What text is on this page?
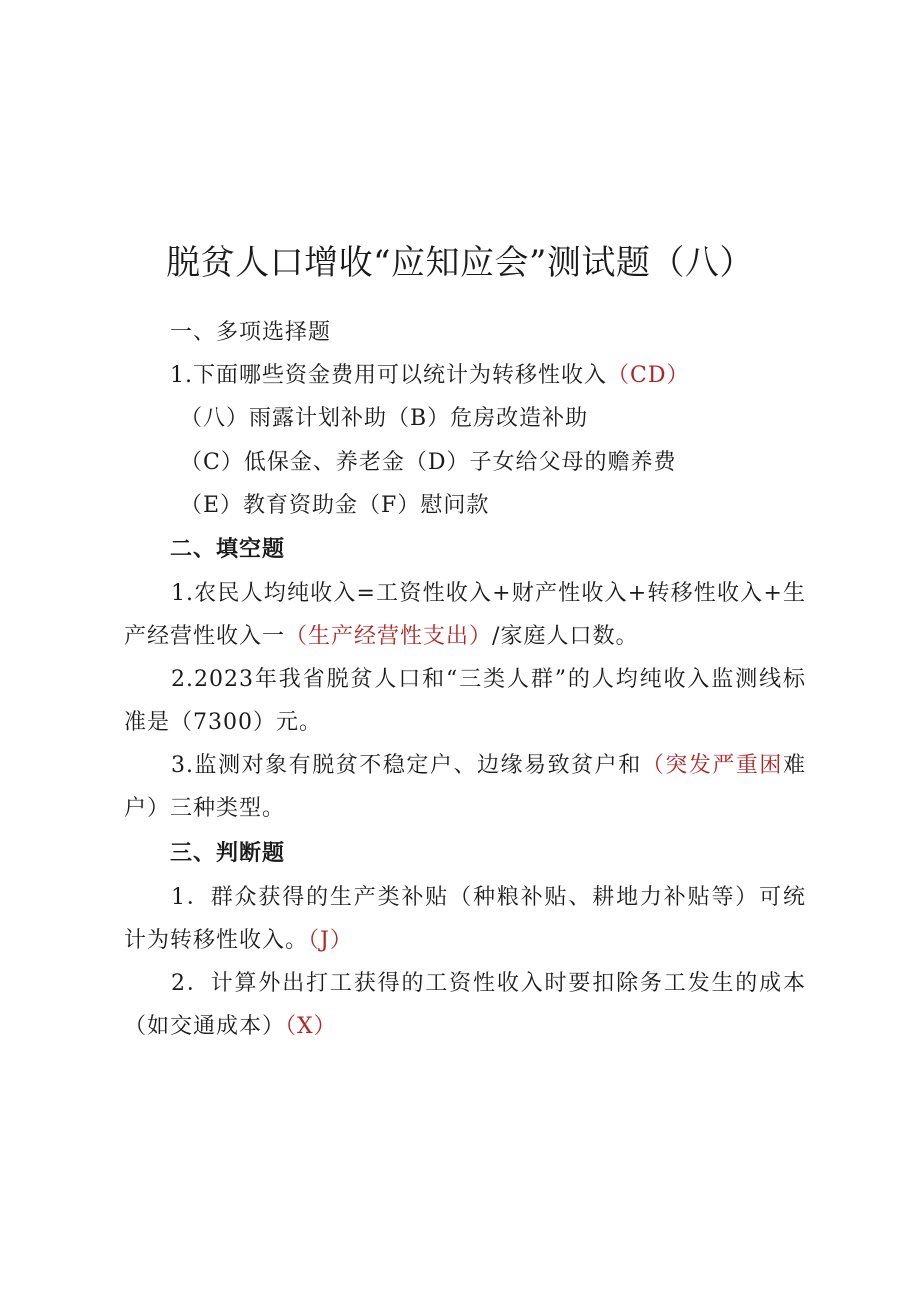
脱贫人口增收“应知应会”测试题（八）
一、多项选择题
1.下面哪些资金费用可以统计为转移性收入（CD）
（八）雨露计划补助（B）危房改造补助
（C）低保金、养老金（D）子女给父母的赡养费
（E）教育资助金（F）慰问款
二、填空题
1.农民人均纯收入=工资性收入+财产性收入+转移性收入+生产经营性收入一（生产经营性支出）/家庭人口数。
2.2023年我省脱贫人口和“三类人群”的人均纯收入监测线标准是（7300）元。
3.监测对象有脱贫不稳定户、边缘易致贫户和（突发严重困难户）三种类型。
三、判断题
1．群众获得的生产类补贴（种粮补贴、耕地力补贴等）可统计为转移性收入。（J）
2．计算外出打工获得的工资性收入时要扣除务工发生的成本（如交通成本）（X）
